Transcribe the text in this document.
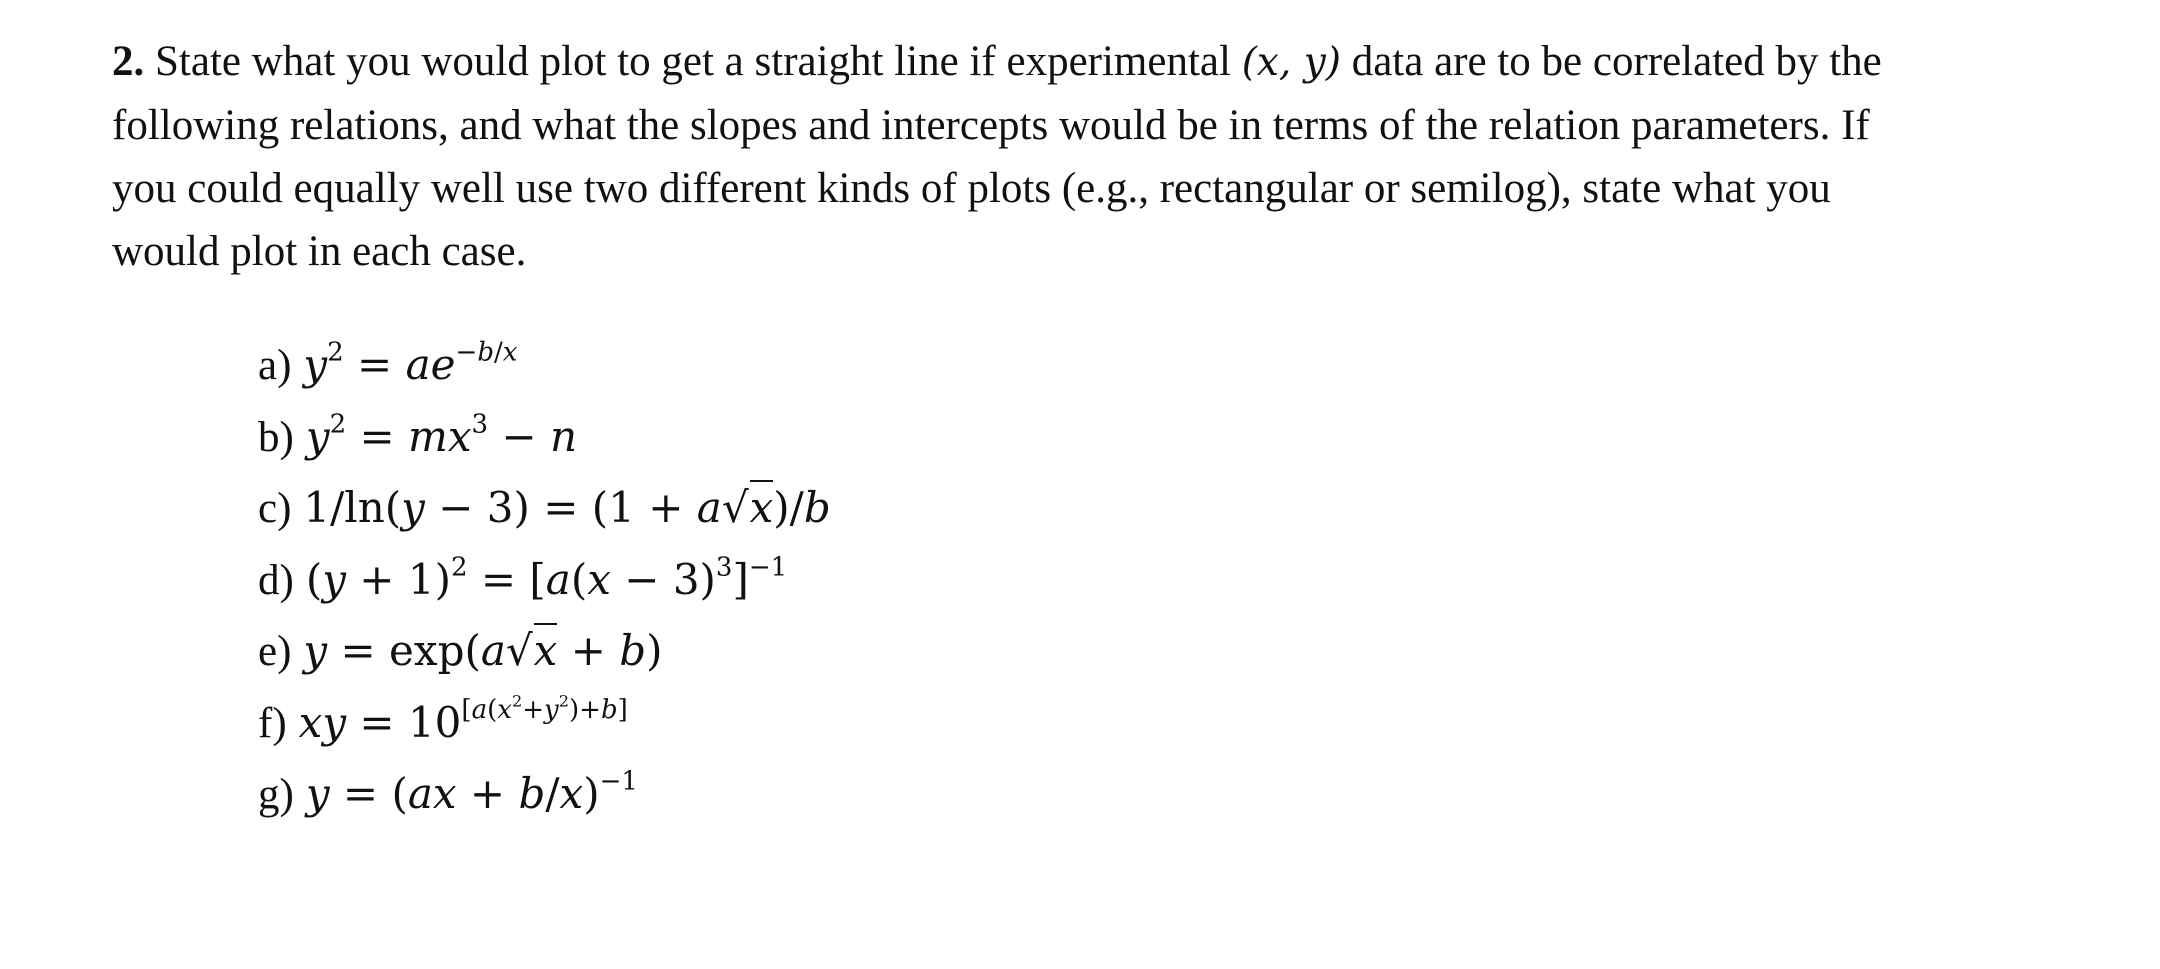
2. State what you would plot to get a straight line if experimental (x, y) data are to be correlated by the following relations, and what the slopes and intercepts would be in terms of the relation parameters. If you could equally well use two different kinds of plots (e.g., rectangular or semilog), state what you would plot in each case.
a) $y^2 = ae^{-b/x}$
b) $y^2 = mx^3 - n$
c) 1/ln(y − 3) = (1 + a√x)/b
d) $(y + 1)^2 = [a(x - 3)^3]^{-1}$
e) y = exp(a√x + b)
f) xy = 10[a(x2+y2)+b]
g) y = (ax + b/x)$^{-1}$
